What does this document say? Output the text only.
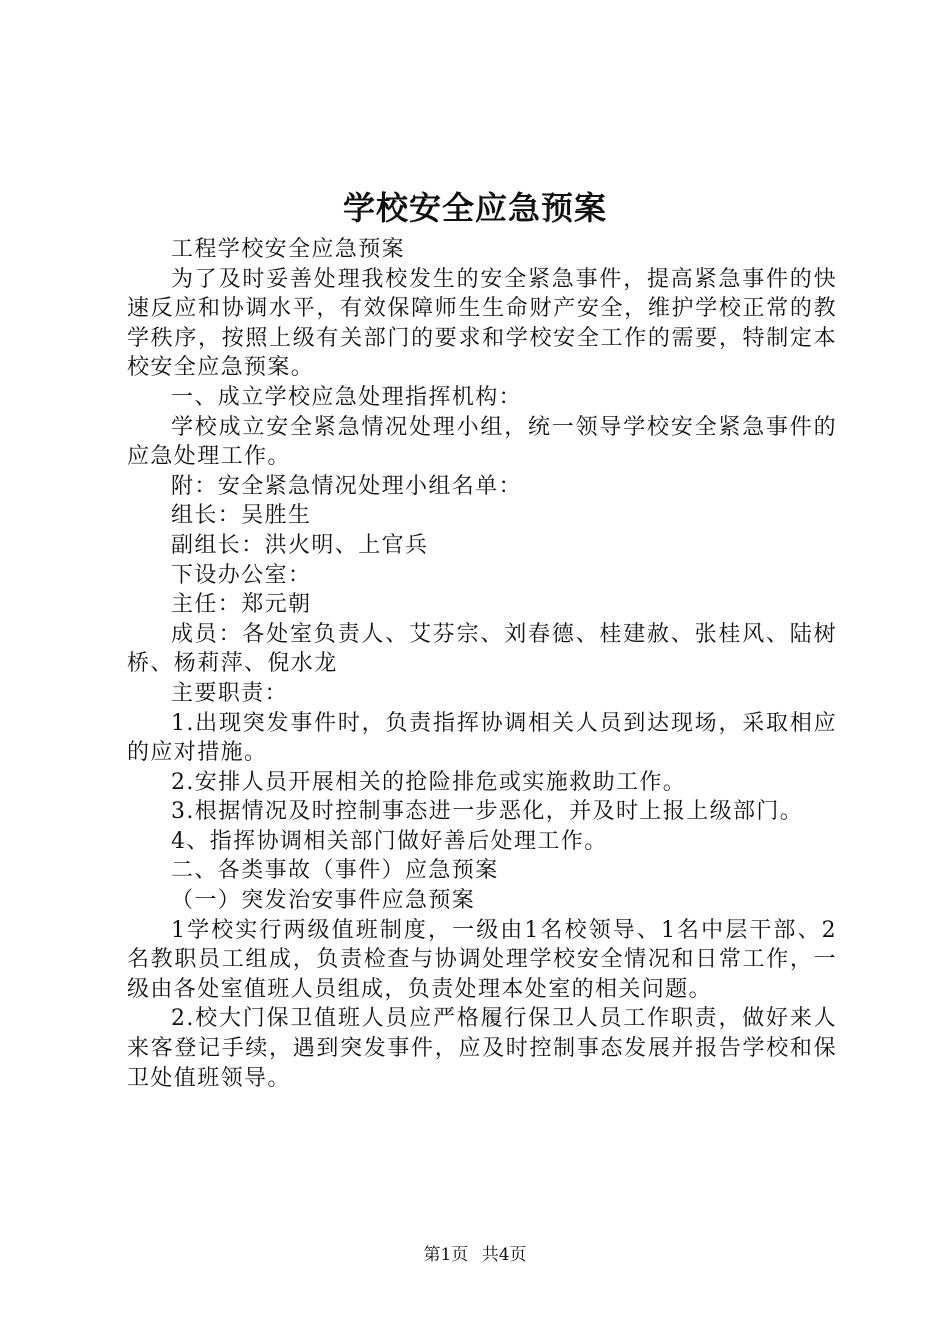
学校安全应急预案

工程学校安全应急预案

为了及时妥善处理我校发生的安全紧急事件，提高紧急事件的快速反应和协调水平，有效保障师生生命财产安全，维护学校正常的教学秩序，按照上级有关部门的要求和学校安全工作的需要，特制定本校安全应急预案。

一、成立学校应急处理指挥机构：

学校成立安全紧急情况处理小组，统一领导学校安全紧急事件的应急处理工作。

附：安全紧急情况处理小组名单：

组长：吴胜生

副组长：洪火明、上官兵

下设办公室：

主任：郑元朝

成员：各处室负责人、艾芬宗、刘春德、桂建赦、张桂风、陆树桥、杨莉萍、倪水龙

主要职责：

1.出现突发事件时，负责指挥协调相关人员到达现场，采取相应的应对措施。

2.安排人员开展相关的抢险排危或实施救助工作。

3.根据情况及时控制事态进一步恶化，并及时上报上级部门。

4、指挥协调相关部门做好善后处理工作。

二、各类事故（事件）应急预案

（一）突发治安事件应急预案

1学校实行两级值班制度，一级由1名校领导、1名中层干部、2名教职员工组成，负责检查与协调处理学校安全情况和日常工作，一级由各处室值班人员组成，负责处理本处室的相关问题。

2.校大门保卫值班人员应严格履行保卫人员工作职责，做好来人来客登记手续，遇到突发事件，应及时控制事态发展并报告学校和保卫处值班领导。

第1页 共4页
